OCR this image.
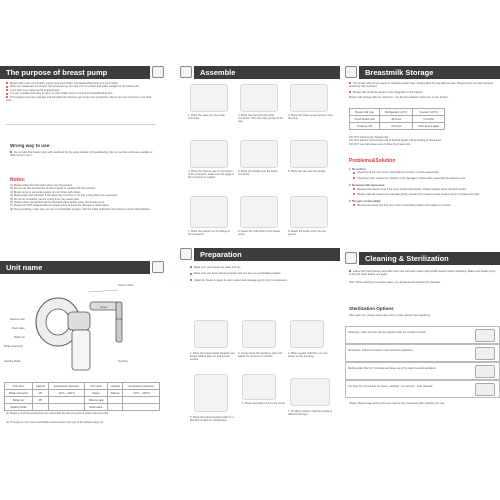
The purpose of breast pump
Breast milk is the most healthy supply feed each infant. A breastfeeding pump is a good helper.
When the babies are not around, this breast pump can help mom to extract and make storage for the breast milk.
It can help mom relieving the engorgement.
It is very portable and easy to carry, so that it helps mom to extend the breastfeeding time.
This breast pump can massage and stimulate the breast to get some more production. Moms can use it at home or for their work.
Wrong way to use:
Do not take this breast pump with machines for the early initiation of breastfeeding. Do not use the nozzle as a pacifier or other area to use it.
Notes:
(1) Please follow the instruction when use this product.
(2) Do not use the accessories of other brands to replace with this product.
(3) Breast pump is personal product, do not share with others.
(4) Please take care carefully. If the assembly is wrong or not tidy, it may affect the expression.
(5) Do not sit constantly, use for a long time may cause pain.
(6) Please clean and sterilize all the cleanable parts before using this breast pump.
(7) Please DO NOT disassemble the breast pump to avoid the damage or deformation.
(8) During working, make sure you are in comfortable position, with the bottle held below the breast to avoid milk backflow.
Unit name
Suction valve
Nipple
Bottle
Silicone seal
Duck valve
Bottle nut
Bottle connector
Feeding Bottle	Teething
Unit name	material	temperature tolerance	Unit name	material	temperature tolerance
Bottle connector	PP	-20°C ~ 120°C	Nipple	Silicone	-20°C ~ 200°C
Bottle nut	PP		Silicone seal		
Feeding bottle			Duck valve		
(1) Please put all the accessories dry, especially the silicone parts to avoid mold and odor.
(2) Throughout, the most comfortable suction level is the type of the default stage (1).
Assemble
1. Place the valve into the bottle connector.
2. Place the teat onto the bottle connector. Then the outer portion of the teat.
3. Place the bottle up and screw it onto the body.
4. Place the silicone cap on the bottom of the connector, make sure the edge of the connector is sealed.
5. Place the handle onto the bottle connector.
6. Place the cap onto the handle.
7. Place the cushion on the flange of the connector.
8. Attach the milk bottle to the breast pump.
9. Attach the bottle cover into the groove.
Preparation
Make sure your hands are clean and dry.
Make sure you have relaxed yourself, and you are in a comfortable position.
Clean the breast & nipple by warm water and massage gently prior to expression.
1. Place the breast shield towards your breast without gaps on and ensure suction.
2. Gently press the handle to start and adjust the pressure to comfort.
3. When regular milk flow, you can speed up the pumping.
5. Press the bottle nut from the pump.
7. To adjust suction, hold the handle to different strength.
6. Place the breast feeding bottle on a flat hard surface for refrigeration.
Breastmilk Storage
The breast milk can be stored in sterilized plastic bags. Always label the bag with the date. Breast pump cup with container should be fully sterilized.
Breast milk should be stored in the refrigerator or the freezer.
Breast milk storage table for reference, only the time stated is reference on the freezer:
Breast milk type	Refrigerator (+4°C)	Freezer (-18°C)
Fresh breast milk	48 hours	3 months
Thawing milk	24 hours	Can't freeze again
DO NOT refreeze the thawed milk.
DO NOT add the fresh breast milk to thawed breast milk according to these lines.
DO NOT use microwave oven to thaw the breast milk.
Problems&Solution
1. No suction:
Checking all the units and re-assembling correctly, or clean reassembly.
Checking pump suction line whether it has damage or deformation especially the silicone units.
2. No breast milk expression:
Replace the breast pump if the pump shows bad suction. Please replace all pumps with suction.
Please relax the breast and massage gently, pressing the breast to clear. Ensure pump not placed too tight.
3. The pain suction ability
Remove the pump and find your more comfortable position and make a re-suction.
Cleaning & Sterilization
Leave with fresh breast pump after each use with warm water using bottle cleaner before sterilizing. Make sure breast pump is dry and clean before use again.
Note: When washing the suction valve, you should avoid scratching by damage.
Sterilization Options
After each use, please wash each unit by bottle cleaner then sterilizing.
Steaming: make sure all units are placed under the surface of bottle.
Microwave: Follow microwave oven instruction guidance.
Boiling water: Boil for 5 minutes and keep out of the reach to avoid accidents.
Dry heat: Do not put into the steam, sterilizer - hot and dry - heat: Allowed
Notice: Please keep all the parts are must be dry completely after sterilizing for use.
